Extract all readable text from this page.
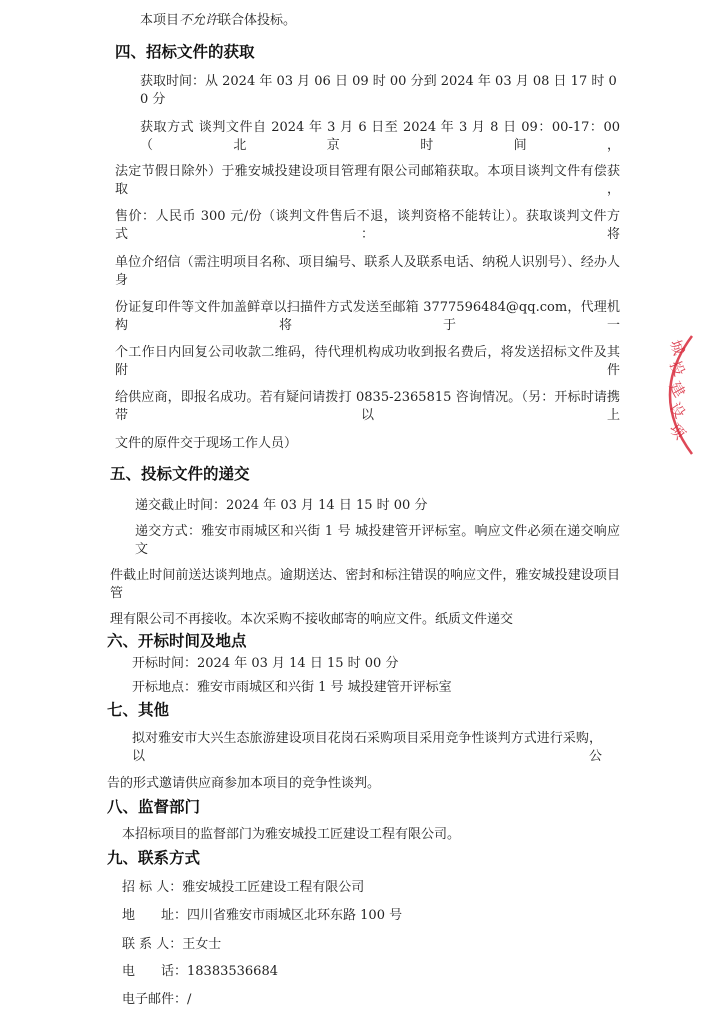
本项目不允许联合体投标。
四、招标文件的获取
获取时间：从 2024 年 03 月 06 日 09 时 00 分到 2024 年 03 月 08 日 17 时 00 分
获取方式 谈判文件自 2024 年 3 月 6 日至 2024 年 3 月 8 日 09：00-17：00（北京时间，
法定节假日除外）于雅安城投建设项目管理有限公司邮箱获取。本项目谈判文件有偿获取，
售价：人民币 300 元/份（谈判文件售后不退，谈判资格不能转让）。获取谈判文件方式：将
单位介绍信（需注明项目名称、项目编号、联系人及联系电话、纳税人识别号）、经办人身
份证复印件等文件加盖鲜章以扫描件方式发送至邮箱 3777596484@qq.com，代理机构将于一
个工作日内回复公司收款二维码，待代理机构成功收到报名费后，将发送招标文件及其附件
给供应商，即报名成功。若有疑问请拨打 0835-2365815 咨询情况。（另：开标时请携带以上
文件的原件交于现场工作人员）
五、投标文件的递交
递交截止时间：2024 年 03 月 14 日 15 时 00 分
递交方式：雅安市雨城区和兴街 1 号 城投建管开评标室。响应文件必须在递交响应文
件截止时间前送达谈判地点。逾期送达、密封和标注错误的响应文件，雅安城投建设项目管
理有限公司不再接收。本次采购不接收邮寄的响应文件。纸质文件递交
六、开标时间及地点
开标时间：2024 年 03 月 14 日 15 时 00 分
开标地点：雅安市雨城区和兴街 1 号 城投建管开评标室
七、其他
拟对雅安市大兴生态旅游建设项目花岗石采购项目采用竞争性谈判方式进行采购，以公
告的形式邀请供应商参加本项目的竞争性谈判。
八、监督部门
本招标项目的监督部门为雅安城投工匠建设工程有限公司。
九、联系方式
招 标 人：雅安城投工匠建设工程有限公司
地　　址：四川省雅安市雨城区北环东路 100 号
联 系 人：王女士
电　　话：18383536684
电子邮件：/
城
投
建
设
项
